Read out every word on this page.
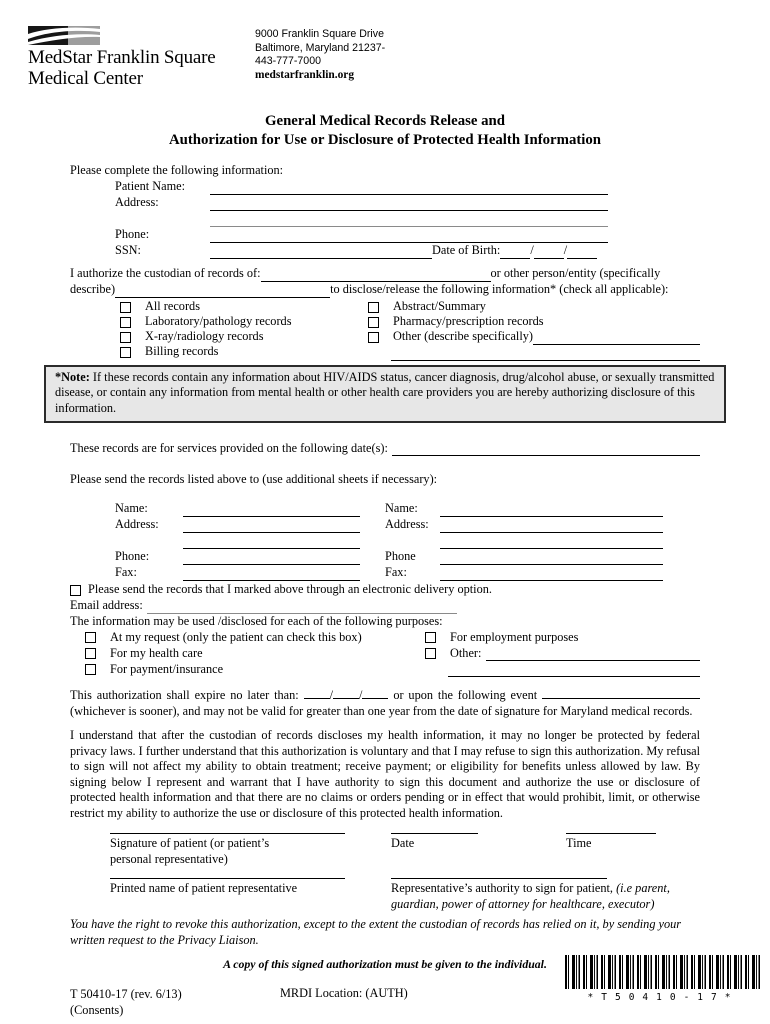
MedStar Franklin Square
Medical Center
9000 Franklin Square Drive
Baltimore, Maryland 21237-
443-777-7000
medstarfranklin.org
General Medical Records Release and
Authorization for Use or Disclosure of Protected Health Information
Please complete the following information:
Patient Name:
Address:
Phone:
SSN:	Date of Birth: / /
I authorize the custodian of records of:	or other person/entity (specifically
describe)	to disclose/release the following information* (check all applicable):
All records
Laboratory/pathology records
X-ray/radiology records
Billing records
Abstract/Summary
Pharmacy/prescription records
Other (describe specifically)
*Note: If these records contain any information about HIV/AIDS status, cancer diagnosis, drug/alcohol abuse, or sexually transmitted disease, or contain any information from mental health or other health care providers you are hereby authorizing disclosure of this information.
These records are for services provided on the following date(s):
Please send the records listed above to (use additional sheets if necessary):
Name:
Address:
Phone:
Fax:
Name:
Address:
Phone
Fax:
Please send the records that I marked above through an electronic delivery option.
Email address:
The information may be used /disclosed for each of the following purposes:
At my request (only the patient can check this box)
For my health care
For payment/insurance
For employment purposes
Other:

This authorization shall expire no later than:	/ /	or upon the following event  (whichever is sooner), and may not be valid for greater than one year from the date of signature for Maryland medical records.

I understand that after the custodian of records discloses my health information, it may no longer be protected by federal privacy laws. I further understand that this authorization is voluntary and that I may refuse to sign this authorization. My refusal to sign will not affect my ability to obtain treatment; receive payment; or eligibility for benefits unless allowed by law. By signing below I represent and warrant that I have authority to sign this document and authorize the use or disclosure of protected health information and that there are no claims or orders pending or in effect that would prohibit, limit, or otherwise restrict my ability to authorize the use or disclosure of this protected health information.

Signature of patient (or patient’s personal representative)
Date	Time
Printed name of patient representative	Representative’s authority to sign for patient, (i.e parent, guardian, power of attorney for healthcare, executor)

You have the right to revoke this authorization, except to the extent the custodian of records has relied on it, by sending your written request to the Privacy Liaison.

A copy of this signed authorization must be given to the individual.
T 50410-17 (rev. 6/13)
(Consents)
MRDI Location: (AUTH)	*T50410-17*
